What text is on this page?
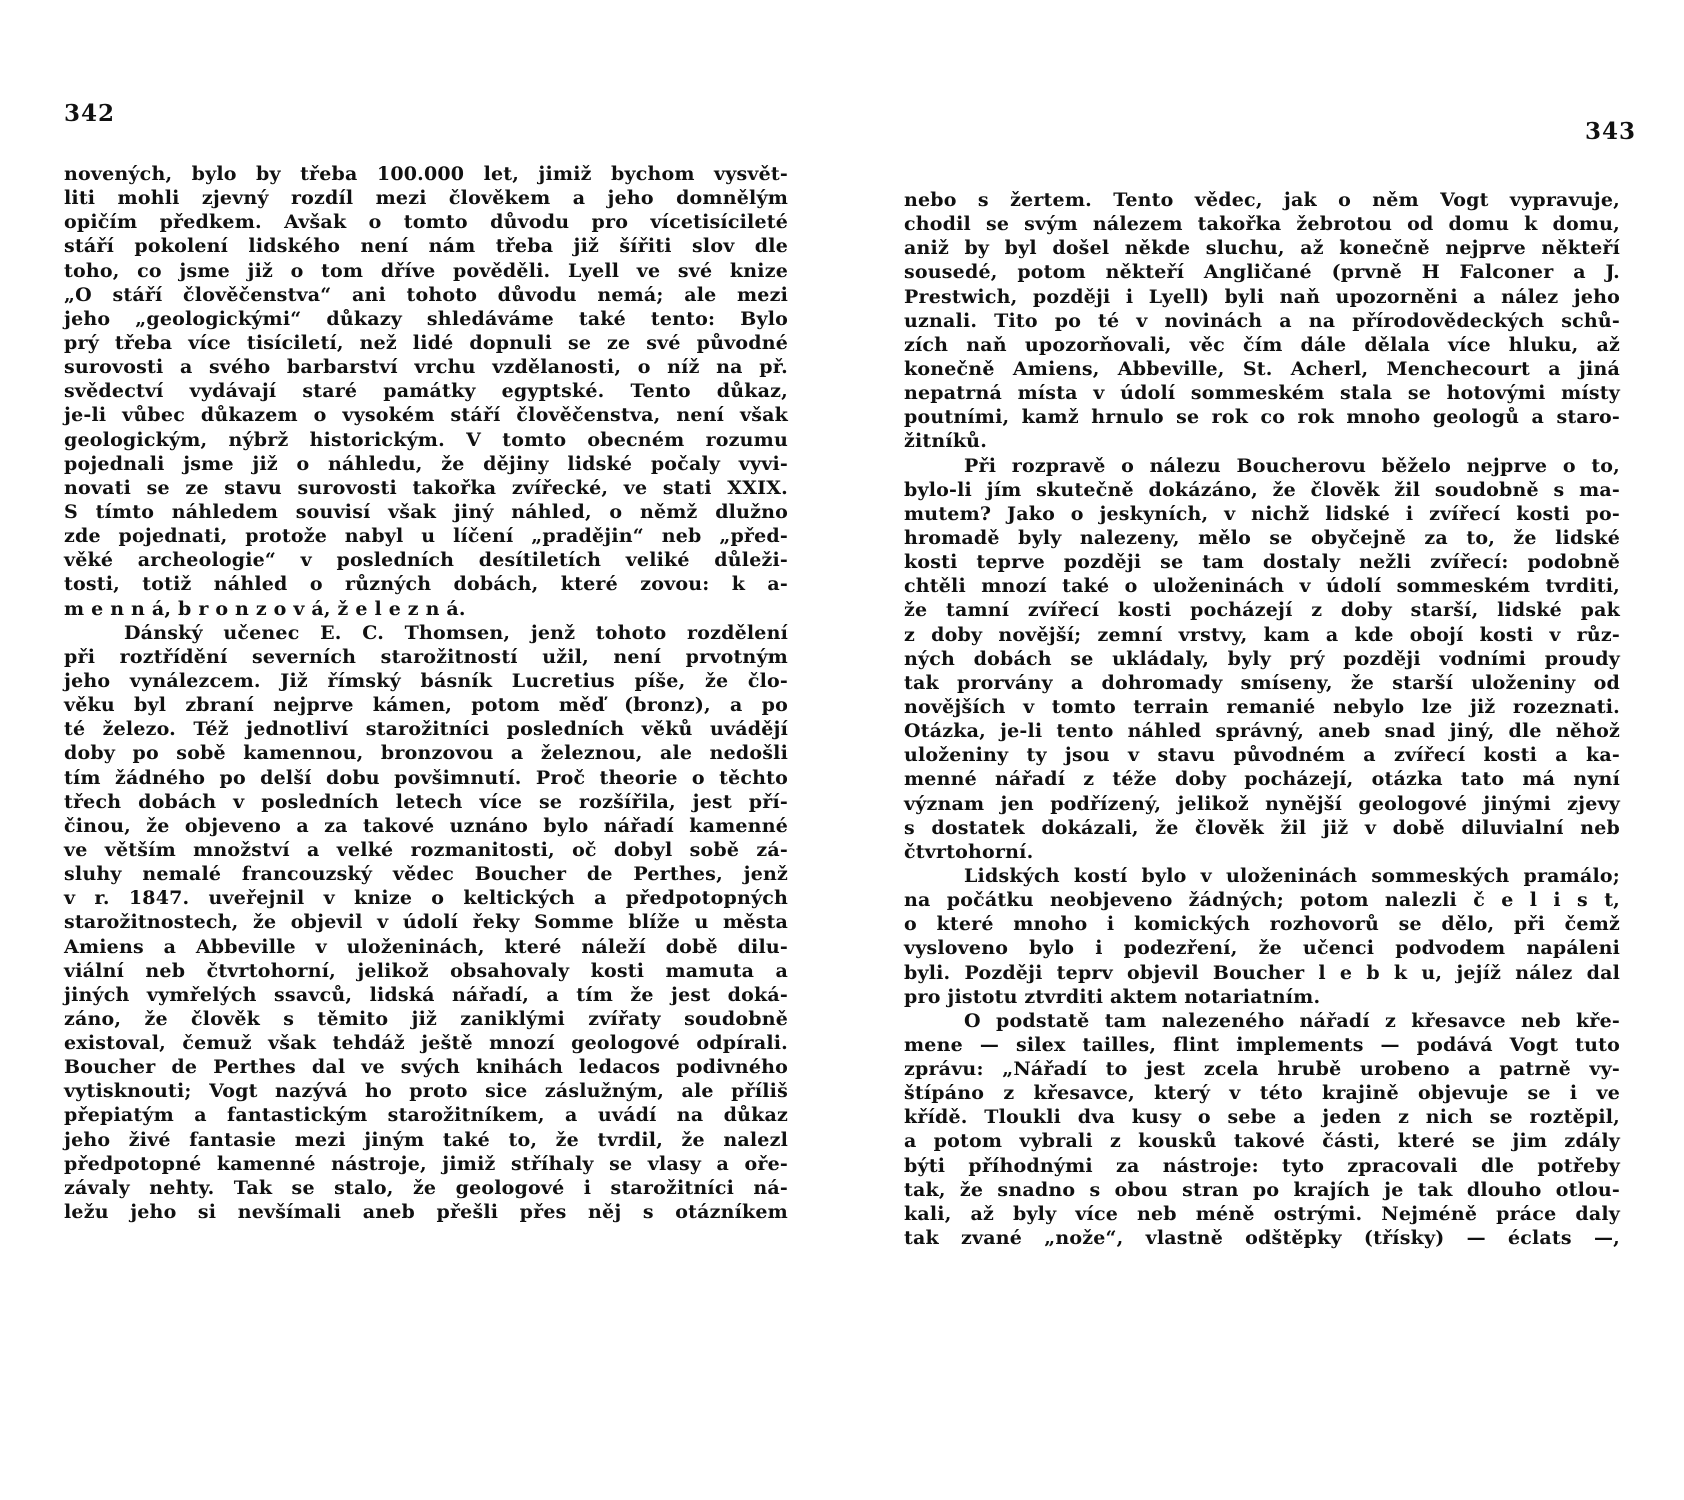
342
novených, bylo by třeba 100.000 let, jimiž bychom vysvět-
liti mohli zjevný rozdíl mezi člověkem a jeho domnělým
opičím předkem. Avšak o tomto důvodu pro vícetisícileté
stáří pokolení lidského není nám třeba již šířiti slov dle
toho, co jsme již o tom dříve pověděli. Lyell ve své knize
„O stáří člověčenstva“ ani tohoto důvodu nemá; ale mezi
jeho „geologickými“ důkazy shledáváme také tento: Bylo
prý třeba více tisíciletí, než lidé dopnuli se ze své původné
surovosti a svého barbarství vrchu vzdělanosti, o níž na př.
svědectví vydávají staré památky egyptské. Tento důkaz,
je-li vůbec důkazem o vysokém stáří člověčenstva, není však
geologickým, nýbrž historickým. V tomto obecném rozumu
pojednali jsme již o náhledu, že dějiny lidské počaly vyvi-
novati se ze stavu surovosti takořka zvířecké, ve stati XXIX.
S tímto náhledem souvisí však jiný náhled, o němž dlužno
zde pojednati, protože nabyl u líčení „pradějin“ neb „před-
věké archeologie“ v posledních desítiletích veliké důleži-
tosti, totiž náhled o různých dobách, které zovou: k a-
m e n n á, b r o n z o v á, ž e l e z n á.
Dánský učenec E. C. Thomsen, jenž tohoto rozdělení
při roztřídění severních starožitností užil, není prvotným
jeho vynálezcem. Již římský básník Lucretius píše, že člo-
věku byl zbraní nejprve kámen, potom měď (bronz), a po
té železo. Též jednotliví starožitníci posledních věků uvádějí
doby po sobě kamennou, bronzovou a železnou, ale nedošli
tím žádného po delší dobu povšimnutí. Proč theorie o těchto
třech dobách v posledních letech více se rozšířila, jest pří-
činou, že objeveno a za takové uznáno bylo nářadí kamenné
ve větším množství a velké rozmanitosti, oč dobyl sobě zá-
sluhy nemalé francouzský vědec Boucher de Perthes, jenž
v r. 1847. uveřejnil v knize o keltických a předpotopných
starožitnostech, že objevil v údolí řeky Somme blíže u města
Amiens a Abbeville v uloženinách, které náleží době dilu-
viální neb čtvrtohorní, jelikož obsahovaly kosti mamuta a
jiných vymřelých ssavců, lidská nářadí, a tím že jest doká-
záno, že člověk s těmito již zaniklými zvířaty soudobně
existoval, čemuž však tehdáž ještě mnozí geologové odpírali.
Boucher de Perthes dal ve svých knihách ledacos podivného
vytisknouti; Vogt nazývá ho proto sice záslužným, ale příliš
přepiatým a fantastickým starožitníkem, a uvádí na důkaz
jeho živé fantasie mezi jiným také to, že tvrdil, že nalezl
předpotopné kamenné nástroje, jimiž stříhaly se vlasy a oře-
závaly nehty. Tak se stalo, že geologové i starožitníci ná-
ležu jeho si nevšímali aneb přešli přes něj s otázníkem
343
nebo s žertem. Tento vědec, jak o něm Vogt vypravuje,
chodil se svým nálezem takořka žebrotou od domu k domu,
aniž by byl došel někde sluchu, až konečně nejprve někteří
sousedé, potom někteří Angličané (prvně H Falconer a J.
Prestwich, později i Lyell) byli naň upozorněni a nález jeho
uznali. Tito po té v novinách a na přírodovědeckých schů-
zích naň upozorňovali, věc čím dále dělala více hluku, až
konečně Amiens, Abbeville, St. Acherl, Menchecourt a jiná
nepatrná místa v údolí sommeském stala se hotovými místy
poutními, kamž hrnulo se rok co rok mnoho geologů a staro-
žitníků.
Při rozpravě o nálezu Boucherovu běželo nejprve o to,
bylo-li jím skutečně dokázáno, že člověk žil soudobně s ma-
mutem? Jako o jeskyních, v nichž lidské i zvířecí kosti po-
hromadě byly nalezeny, mělo se obyčejně za to, že lidské
kosti teprve později se tam dostaly nežli zvířecí: podobně
chtěli mnozí také o uloženinách v údolí sommeském tvrditi,
že tamní zvířecí kosti pocházejí z doby starší, lidské pak
z doby novější; zemní vrstvy, kam a kde obojí kosti v růz-
ných dobách se ukládaly, byly prý později vodními proudy
tak prorvány a dohromady smíseny, že starší uloženiny od
novějších v tomto terrain remanié nebylo lze již rozeznati.
Otázka, je-li tento náhled správný, aneb snad jiný, dle něhož
uloženiny ty jsou v stavu původném a zvířecí kosti a ka-
menné nářadí z téže doby pocházejí, otázka tato má nyní
význam jen podřízený, jelikož nynější geologové jinými zjevy
s dostatek dokázali, že člověk žil již v době diluvialní neb
čtvrtohorní.
Lidských kostí bylo v uloženinách sommeských pramálo;
na počátku neobjeveno žádných; potom nalezli č e l i s t,
o které mnoho i komických rozhovorů se dělo, při čemž
vysloveno bylo i podezření, že učenci podvodem napáleni
byli. Později teprv objevil Boucher l e b k u, jejíž nález dal
pro jistotu ztvrditi aktem notariatním.
O podstatě tam nalezeného nářadí z křesavce neb kře-
mene — silex tailles, flint implements — podává Vogt tuto
zprávu: „Nářadí to jest zcela hrubě urobeno a patrně vy-
štípáno z křesavce, který v této krajině objevuje se i ve
křídě. Tloukli dva kusy o sebe a jeden z nich se roztěpil,
a potom vybrali z kousků takové části, které se jim zdály
býti příhodnými za nástroje: tyto zpracovali dle potřeby
tak, že snadno s obou stran po krajích je tak dlouho otlou-
kali, až byly více neb méně ostrými. Nejméně práce daly
tak zvané „nože“, vlastně odštěpky (třísky) — éclats —,
